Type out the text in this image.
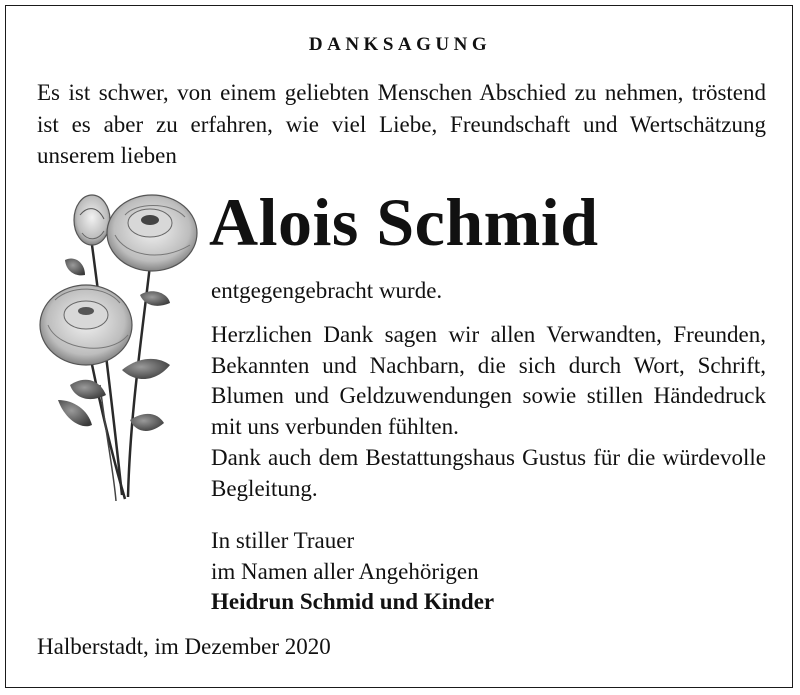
DANKSAGUNG

Es ist schwer, von einem geliebten Menschen Abschied zu nehmen, tröstend ist es aber zu erfahren, wie viel Liebe, Freundschaft und Wertschätzung unserem lieben

Alois Schmid

entgegengebracht wurde.

Herzlichen Dank sagen wir allen Verwandten, Freunden, Bekannten und Nachbarn, die sich durch Wort, Schrift, Blumen und Geldzuwendungen sowie stillen Händedruck mit uns verbunden fühlten.
Dank auch dem Bestattungshaus Gustus für die würdevolle Begleitung.

In stiller Trauer
im Namen aller Angehörigen
Heidrun Schmid und Kinder

Halberstadt, im Dezember 2020
